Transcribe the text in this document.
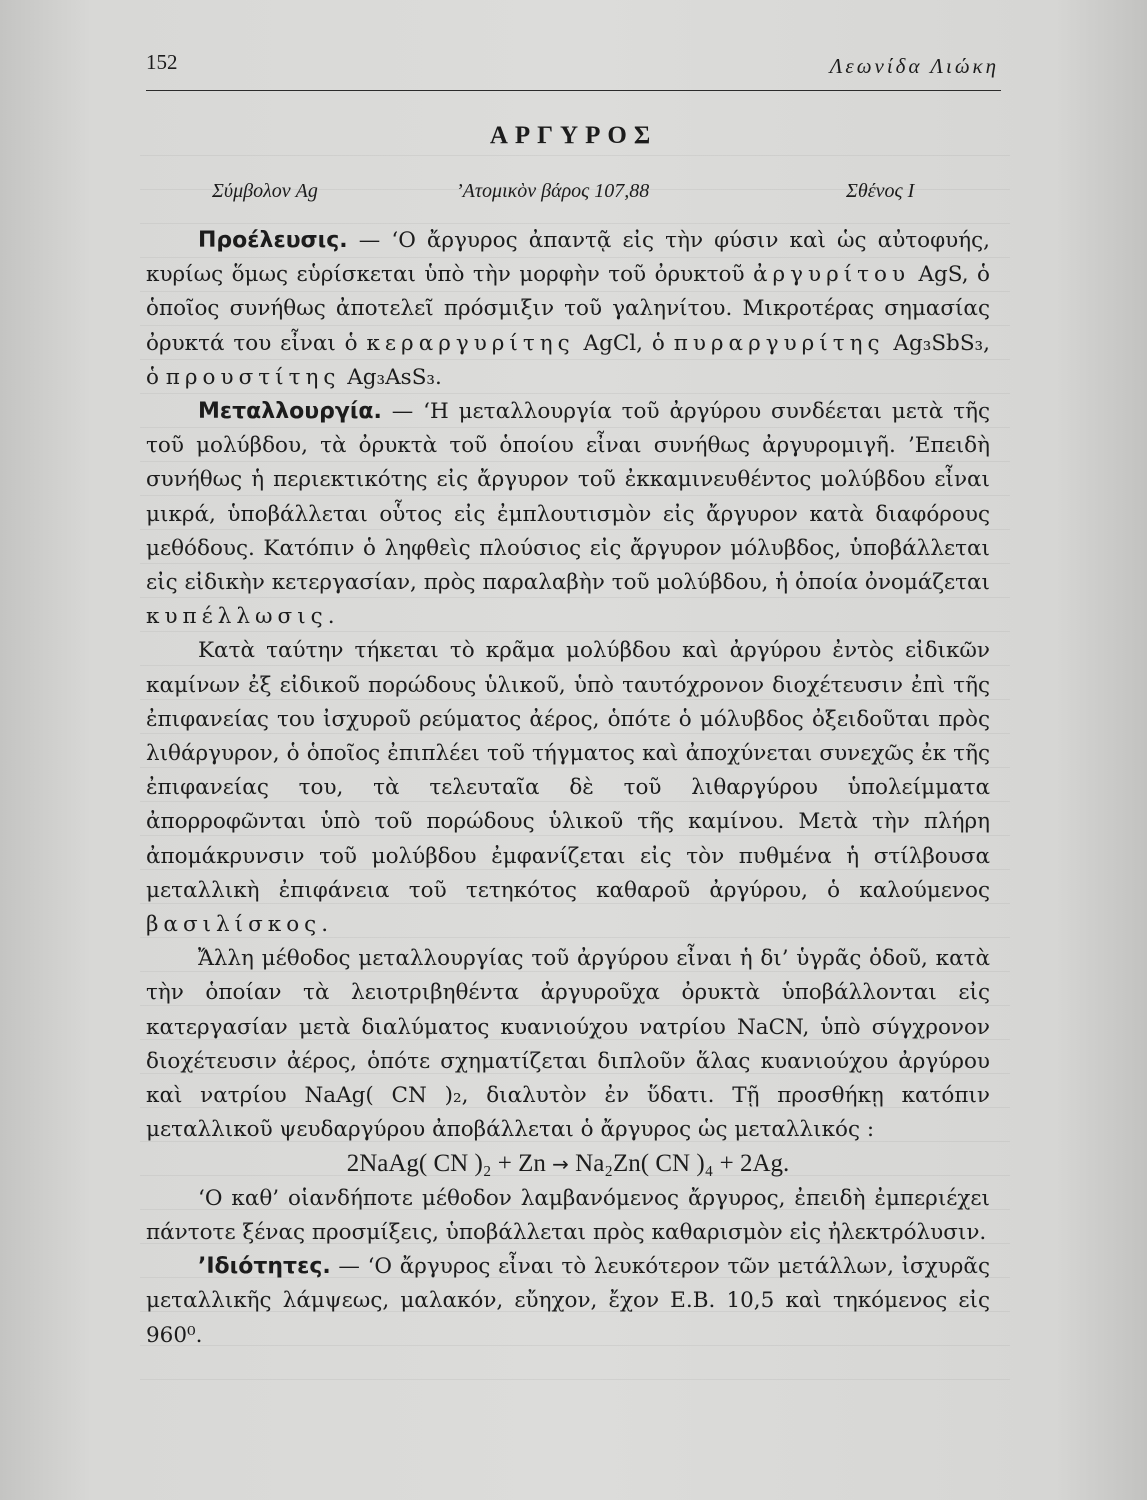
152	Λεωνίδα Λιώκη
ΑΡΓΥΡΟΣ
Σύμβολον Ag	’Ατομικὸν βάρος 107,88	Σθένος I

Προέλευσις. — ‘Ο ἄργυρος ἀπαντᾷ εἰς τὴν φύσιν καὶ ὡς αὐτοφυής, κυρίως ὅμως εὑρίσκεται ὑπὸ τὴν μορφὴν τοῦ ὀρυκτοῦ ἀργυρίτου AgS, ὁ ὁποῖος συνήθως ἀποτελεῖ πρόσμιξιν τοῦ γαληνίτου. Μικροτέρας σημασίας ὀρυκτά του εἶναι ὁ κεραργυρίτης AgCl, ὁ πυραργυρίτης Ag₃SbS₃, ὁ προυστίτης Ag₃AsS₃.

Μεταλλουργία. — ‘Η μεταλλουργία τοῦ ἀργύρου συνδέεται μετὰ τῆς τοῦ μολύβδου, τὰ ὀρυκτὰ τοῦ ὁποίου εἶναι συνήθως ἀργυρομιγῆ. ’Επειδὴ συνήθως ἡ περιεκτικότης εἰς ἄργυρον τοῦ ἐκκαμινευθέντος μολύβδου εἶναι μικρά, ὑποβάλλεται οὗτος εἰς ἐμπλουτισμὸν εἰς ἄργυρον κατὰ διαφόρους μεθόδους. Κατόπιν ὁ ληφθεὶς πλούσιος εἰς ἄργυρον μόλυβδος, ὑποβάλλεται εἰς εἰδικὴν κετεργασίαν, πρὸς παραλαβὴν τοῦ μολύβδου, ἡ ὁποία ὀνομάζεται κυπέλλωσις.

Κατὰ ταύτην τήκεται τὸ κρᾶμα μολύβδου καὶ ἀργύρου ἐντὸς εἰδικῶν καμίνων ἐξ εἰδικοῦ πορώδους ὑλικοῦ, ὑπὸ ταυτόχρονον διοχέτευσιν ἐπὶ τῆς ἐπιφανείας του ἰσχυροῦ ρεύματος ἀέρος, ὁπότε ὁ μόλυβδος ὀξειδοῦται πρὸς λιθάργυρον, ὁ ὁποῖος ἐπιπλέει τοῦ τήγματος καὶ ἀποχύνεται συνεχῶς ἐκ τῆς ἐπιφανείας του, τὰ τελευταῖα δὲ τοῦ λιθαργύρου ὑπολείμματα ἀπορροφῶνται ὑπὸ τοῦ πορώδους ὑλικοῦ τῆς καμίνου. Μετὰ τὴν πλήρη ἀπομάκρυνσιν τοῦ μολύβδου ἐμφανίζεται εἰς τὸν πυθμένα ἡ στίλβουσα μεταλλικὴ ἐπιφάνεια τοῦ τετηκότος καθαροῦ ἀργύρου, ὁ καλούμενος βασιλίσκος.

Ἄλλη μέθοδος μεταλλουργίας τοῦ ἀργύρου εἶναι ἡ δι’ ὑγρᾶς ὁδοῦ, κατὰ τὴν ὁποίαν τὰ λειοτριβηθέντα ἀργυροῦχα ὀρυκτὰ ὑποβάλλονται εἰς κατεργασίαν μετὰ διαλύματος κυανιούχου νατρίου NaCN, ὑπὸ σύγχρονον διοχέτευσιν ἀέρος, ὁπότε σχηματίζεται διπλοῦν ἅλας κυανιούχου ἀργύρου καὶ νατρίου NaAg( CN )₂, διαλυτὸν ἐν ὕδατι. Τῇ προσθήκῃ κατόπιν μεταλλικοῦ ψευδαργύρου ἀποβάλλεται ὁ ἄργυρος ὡς μεταλλικός :

2NaAg( CN )₂ + Zn → Na₂Zn( CN )₄ + 2Ag.

‘Ο καθ’ οἱανδήποτε μέθοδον λαμβανόμενος ἄργυρος, ἐπειδὴ ἐμπεριέχει πάντοτε ξένας προσμίξεις, ὑποβάλλεται πρὸς καθαρισμὸν εἰς ἠλεκτρόλυσιν.

’Ιδιότητες. — ‘Ο ἄργυρος εἶναι τὸ λευκότερον τῶν μετάλλων, ἰσχυρᾶς μεταλλικῆς λάμψεως, μαλακόν, εὔηχον, ἔχον Ε.Β. 10,5 καὶ τηκόμενος εἰς 960⁰.
